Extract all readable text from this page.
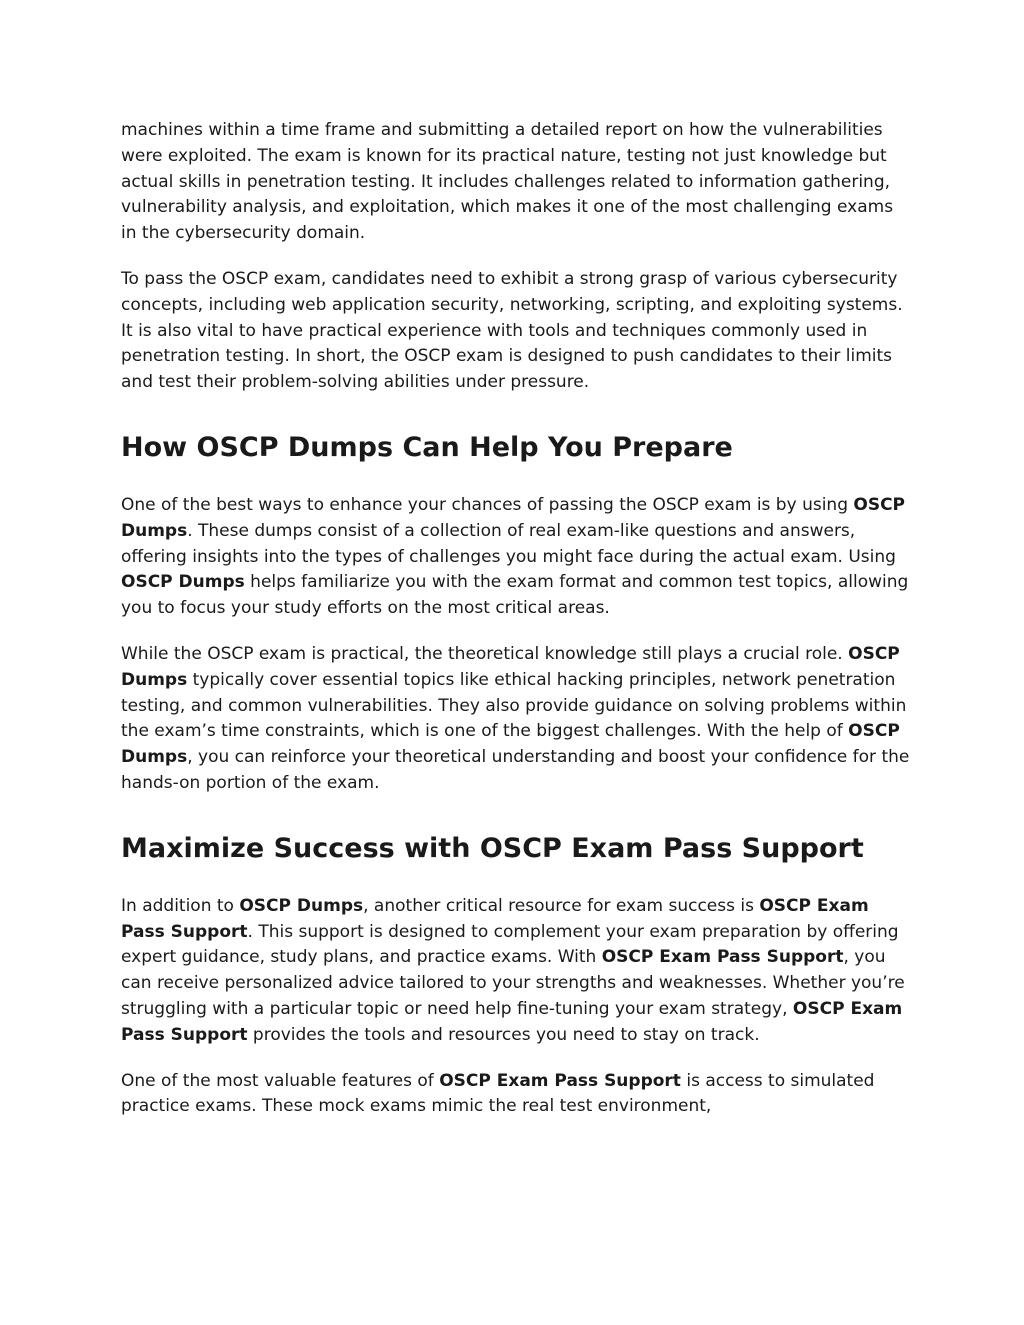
machines within a time frame and submitting a detailed report on how the vulnerabilities were exploited. The exam is known for its practical nature, testing not just knowledge but actual skills in penetration testing. It includes challenges related to information gathering, vulnerability analysis, and exploitation, which makes it one of the most challenging exams in the cybersecurity domain.

To pass the OSCP exam, candidates need to exhibit a strong grasp of various cybersecurity concepts, including web application security, networking, scripting, and exploiting systems. It is also vital to have practical experience with tools and techniques commonly used in penetration testing. In short, the OSCP exam is designed to push candidates to their limits and test their problem-solving abilities under pressure.

How OSCP Dumps Can Help You Prepare

One of the best ways to enhance your chances of passing the OSCP exam is by using OSCP Dumps. These dumps consist of a collection of real exam-like questions and answers, offering insights into the types of challenges you might face during the actual exam. Using OSCP Dumps helps familiarize you with the exam format and common test topics, allowing you to focus your study efforts on the most critical areas.

While the OSCP exam is practical, the theoretical knowledge still plays a crucial role. OSCP Dumps typically cover essential topics like ethical hacking principles, network penetration testing, and common vulnerabilities. They also provide guidance on solving problems within the exam’s time constraints, which is one of the biggest challenges. With the help of OSCP Dumps, you can reinforce your theoretical understanding and boost your confidence for the hands-on portion of the exam.

Maximize Success with OSCP Exam Pass Support

In addition to OSCP Dumps, another critical resource for exam success is OSCP Exam Pass Support. This support is designed to complement your exam preparation by offering expert guidance, study plans, and practice exams. With OSCP Exam Pass Support, you can receive personalized advice tailored to your strengths and weaknesses. Whether you’re struggling with a particular topic or need help fine-tuning your exam strategy, OSCP Exam Pass Support provides the tools and resources you need to stay on track.

One of the most valuable features of OSCP Exam Pass Support is access to simulated practice exams. These mock exams mimic the real test environment,
